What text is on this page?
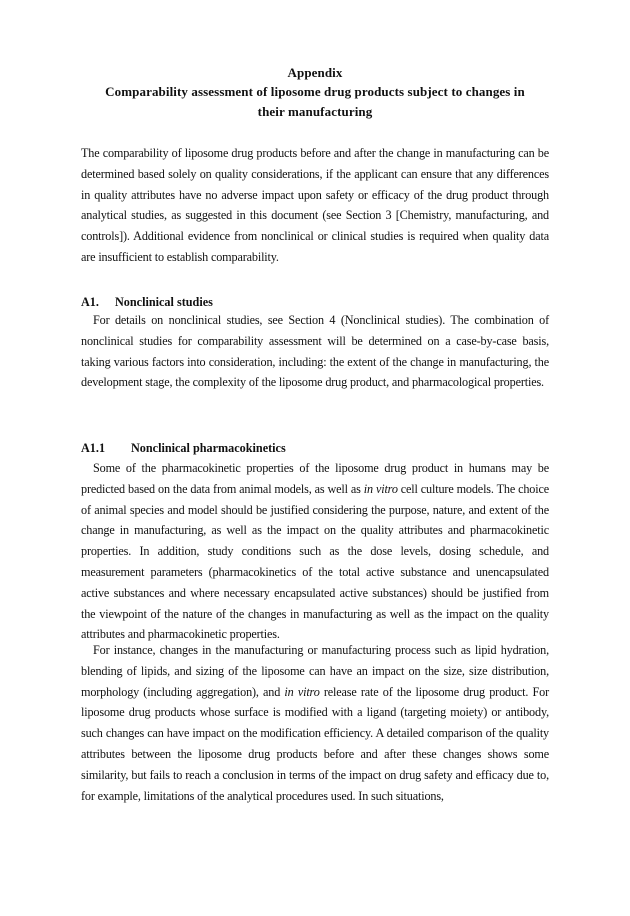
Appendix
Comparability assessment of liposome drug products subject to changes in
their manufacturing
The comparability of liposome drug products before and after the change in manufacturing can be determined based solely on quality considerations, if the applicant can ensure that any differences in quality attributes have no adverse impact upon safety or efficacy of the drug product through analytical studies, as suggested in this document (see Section 3 [Chemistry, manufacturing, and controls]). Additional evidence from nonclinical or clinical studies is required when quality data are insufficient to establish comparability.
A1. Nonclinical studies
For details on nonclinical studies, see Section 4 (Nonclinical studies). The combination of nonclinical studies for comparability assessment will be determined on a case-by-case basis, taking various factors into consideration, including: the extent of the change in manufacturing, the development stage, the complexity of the liposome drug product, and pharmacological properties.
A1.1 Nonclinical pharmacokinetics
Some of the pharmacokinetic properties of the liposome drug product in humans may be predicted based on the data from animal models, as well as in vitro cell culture models. The choice of animal species and model should be justified considering the purpose, nature, and extent of the change in manufacturing, as well as the impact on the quality attributes and pharmacokinetic properties. In addition, study conditions such as the dose levels, dosing schedule, and measurement parameters (pharmacokinetics of the total active substance and unencapsulated active substances and where necessary encapsulated active substances) should be justified from the viewpoint of the nature of the changes in manufacturing as well as the impact on the quality attributes and pharmacokinetic properties.
For instance, changes in the manufacturing or manufacturing process such as lipid hydration, blending of lipids, and sizing of the liposome can have an impact on the size, size distribution, morphology (including aggregation), and in vitro release rate of the liposome drug product. For liposome drug products whose surface is modified with a ligand (targeting moiety) or antibody, such changes can have impact on the modification efficiency. A detailed comparison of the quality attributes between the liposome drug products before and after these changes shows some similarity, but fails to reach a conclusion in terms of the impact on drug safety and efficacy due to, for example, limitations of the analytical procedures used. In such situations,
